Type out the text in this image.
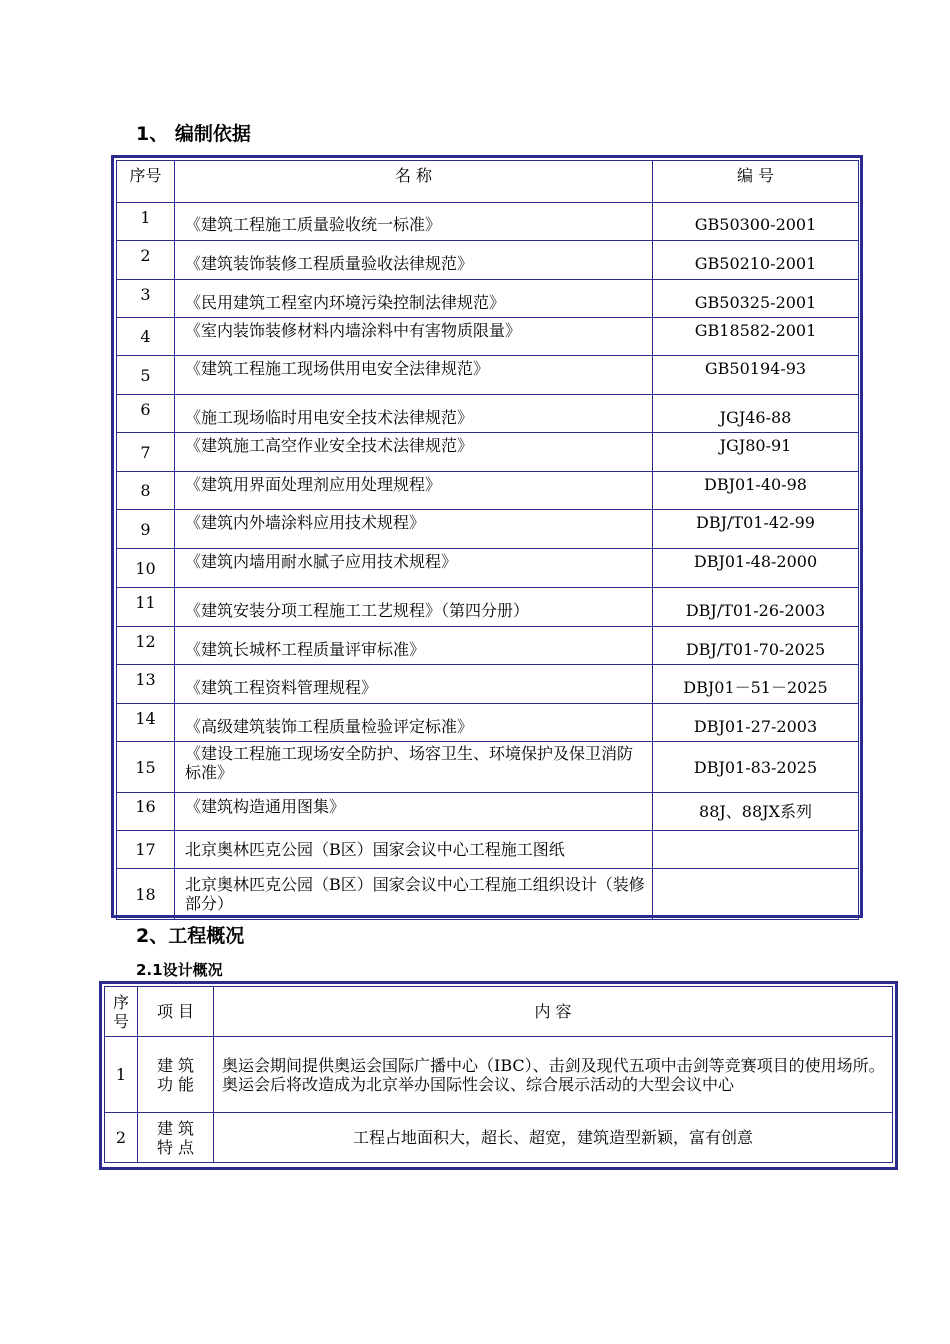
1、 编制依据
序号	名 称	编 号
1	《建筑工程施工质量验收统一标准》	GB50300-2001
2	《建筑装饰装修工程质量验收法律规范》	GB50210-2001
3	《民用建筑工程室内环境污染控制法律规范》	GB50325-2001
4	《室内装饰装修材料内墙涂料中有害物质限量》	GB18582-2001
5	《建筑工程施工现场供用电安全法律规范》	GB50194-93
6	《施工现场临时用电安全技术法律规范》	JGJ46-88
7	《建筑施工高空作业安全技术法律规范》	JGJ80-91
8	《建筑用界面处理剂应用处理规程》	DBJ01-40-98
9	《建筑内外墙涂料应用技术规程》	DBJ/T01-42-99
10	《建筑内墙用耐水腻子应用技术规程》	DBJ01-48-2000
11	《建筑安装分项工程施工工艺规程》（第四分册）	DBJ/T01-26-2003
12	《建筑长城杯工程质量评审标准》	DBJ/T01-70-2025
13	《建筑工程资料管理规程》	DBJ01－51－2025
14	《高级建筑装饰工程质量检验评定标准》	DBJ01-27-2003
15	《建设工程施工现场安全防护、场容卫生、环境保护及保卫消防标准》	DBJ01-83-2025
16	《建筑构造通用图集》	88J、88JX系列
17	北京奥林匹克公园（B区）国家会议中心工程施工图纸	
18	北京奥林匹克公园（B区）国家会议中心工程施工组织设计（装修部分）	
2、工程概况
2.1设计概况
序号	项 目	内 容
1	建 筑 功 能	奥运会期间提供奥运会国际广播中心（IBC）、击剑及现代五项中击剑等竞赛项目的使用场所。奥运会后将改造成为北京举办国际性会议、综合展示活动的大型会议中心
2	建 筑 特 点	工程占地面积大，超长、超宽，建筑造型新颖，富有创意
